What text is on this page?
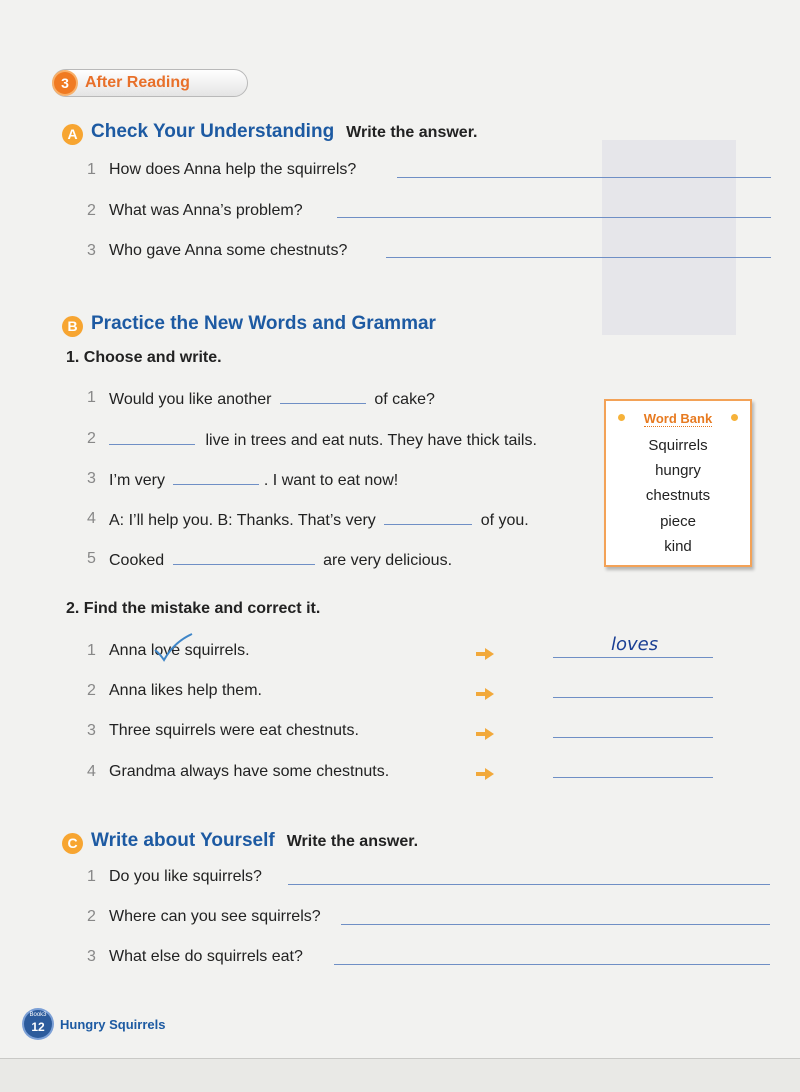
3	After Reading
A Check Your Understanding Write the answer.
1 How does Anna help the squirrels?
2 What was Anna’s problem?
3 Who gave Anna some chestnuts?
B Practice the New Words and Grammar
1. Choose and write.
1 Would you like another	of cake?
2	live in trees and eat nuts. They have thick tails.
3 I’m very	. I want to eat now!
4 A: I’ll help you. B: Thanks. That’s very	of you.
5 Cooked	are very delicious.
Word Bank
Squirrels
hungry
chestnuts
piece
kind
2. Find the mistake and correct it.
1 Anna love squirrels.	loves
2 Anna likes help them.
3 Three squirrels were eat chestnuts.
4 Grandma always have some chestnuts.
C Write about Yourself Write the answer.
1 Do you like squirrels?
2 Where can you see squirrels?
3 What else do squirrels eat?
Book3
12	Hungry Squirrels
